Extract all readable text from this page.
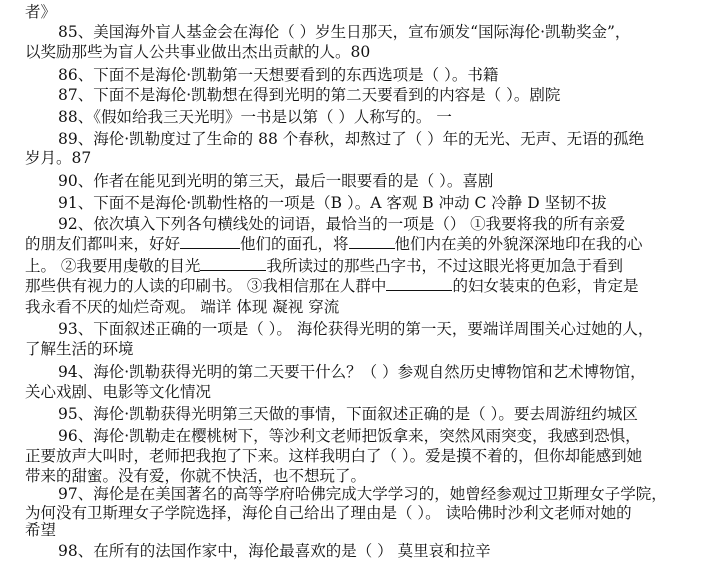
者》
85、美国海外盲人基金会在海伦（ ）岁生日那天，宣布颁发“国际海伦·凯勒奖金”，
以奖励那些为盲人公共事业做出杰出贡献的人。80
86、下面不是海伦·凯勒第一天想要看到的东西选项是（ ）。书籍
87、下面不是海伦·凯勒想在得到光明的第二天要看到的内容是（ ）。剧院
88、《假如给我三天光明》一书是以第（ ）人称写的。 一
89、海伦·凯勒度过了生命的 88 个春秋，却熬过了（ ）年的无光、无声、无语的孤绝
岁月。87
90、作者在能见到光明的第三天，最后一眼要看的是（ ）。喜剧
91、下面不是海伦·凯勒性格的一项是（B ）。A 客观 B 冲动 C 冷静 D 坚韧不拔
92、依次填入下列各句横线处的词语，最恰当的一项是（） ①我要将我的所有亲爱
的朋友们都叫来，好好	他们的面孔，将	他们内在美的外貌深深地印在我的心
上。 ②我要用虔敬的目光	我所读过的那些凸字书，不过这眼光将更加急于看到
那些供有视力的人读的印刷书。 ③我相信那在人群中	的妇女装束的色彩，肯定是
我永看不厌的灿烂奇观。 端详 体现 凝视 穿流
93、下面叙述正确的一项是（ ）。 海伦获得光明的第一天，要端详周围关心过她的人，
了解生活的环境
94、海伦·凯勒获得光明的第二天要干什么？（ ）参观自然历史博物馆和艺术博物馆，
关心戏剧、电影等文化情况
95、海伦·凯勒获得光明第三天做的事情，下面叙述正确的是（ ）。要去周游纽约城区
96、海伦·凯勒走在樱桃树下，等沙利文老师把饭拿来，突然风雨突变，我感到恐惧，
正要放声大叫时，老师把我抱了下来。这样我明白了（ ）。爱是摸不着的，但你却能感到她
带来的甜蜜。没有爱，你就不快活，也不想玩了。
97、海伦是在美国著名的高等学府哈佛完成大学学习的，她曾经参观过卫斯理女子学院，
为何没有卫斯理女子学院选择，海伦自己给出了理由是（ ）。 读哈佛时沙利文老师对她的
希望
98、在所有的法国作家中，海伦最喜欢的是（ ） 莫里哀和拉辛
